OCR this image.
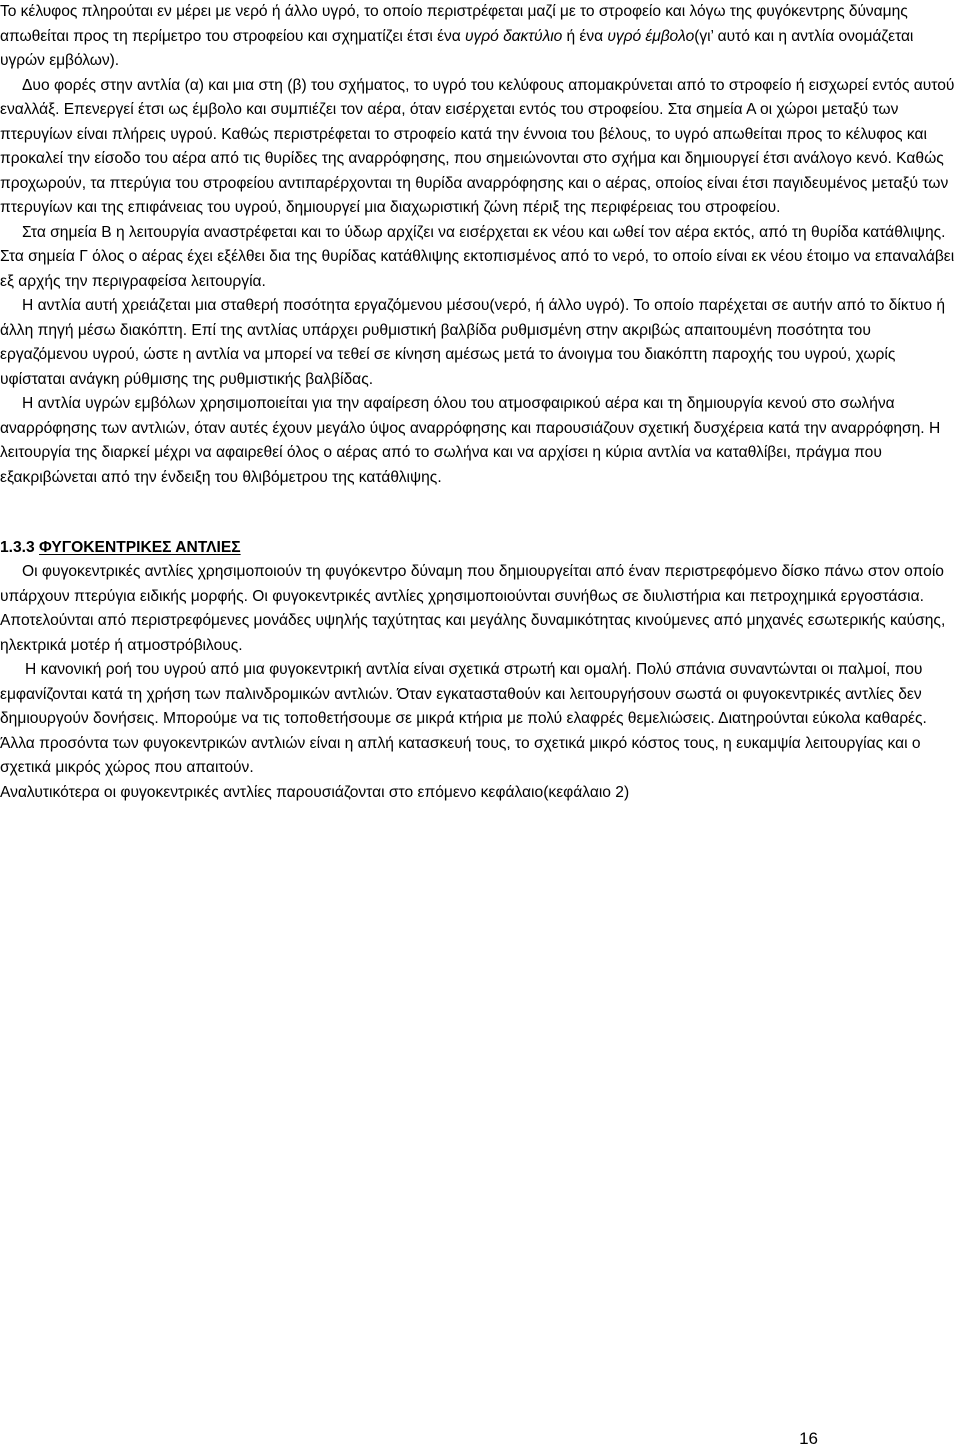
Το κέλυφος πληρούται εν μέρει με νερό ή άλλο υγρό, το οποίο περιστρέφεται μαζί με το στροφείο και λόγω της φυγόκεντρης δύναμης απωθείται προς τη περίμετρο του στροφείου και σχηματίζει έτσι ένα υγρό δακτύλιο ή ένα υγρό έμβολο(γι’ αυτό και η αντλία ονομάζεται υγρών εμβόλων).

Δυο φορές στην αντλία (α) και μια στη (β) του σχήματος, το υγρό του κελύφους απομακρύνεται από το στροφείο ή εισχωρεί εντός αυτού εναλλάξ. Επενεργεί έτσι ως έμβολο και συμπιέζει τον αέρα, όταν εισέρχεται εντός του στροφείου. Στα σημεία Α οι χώροι μεταξύ των πτερυγίων είναι πλήρεις υγρού. Καθώς περιστρέφεται το στροφείο κατά την έννοια του βέλους, το υγρό απωθείται προς το κέλυφος και προκαλεί την είσοδο του αέρα από τις θυρίδες της αναρρόφησης, που σημειώνονται στο σχήμα και δημιουργεί έτσι ανάλογο κενό. Καθώς προχωρούν, τα πτερύγια του στροφείου αντιπαρέρχονται τη θυρίδα αναρρόφησης και ο αέρας, οποίος είναι έτσι παγιδευμένος μεταξύ των πτερυγίων και της επιφάνειας του υγρού, δημιουργεί μια διαχωριστική ζώνη πέριξ της περιφέρειας του στροφείου.

Στα σημεία Β η λειτουργία αναστρέφεται και το ύδωρ αρχίζει να εισέρχεται εκ νέου και ωθεί τον αέρα εκτός, από τη θυρίδα κατάθλιψης. Στα σημεία Γ όλος ο αέρας έχει εξέλθει δια της θυρίδας κατάθλιψης εκτοπισμένος από το νερό, το οποίο είναι εκ νέου έτοιμο να επαναλάβει εξ αρχής την περιγραφείσα λειτουργία.

Η αντλία αυτή χρειάζεται μια σταθερή ποσότητα εργαζόμενου μέσου(νερό, ή άλλο υγρό). Το οποίο παρέχεται σε αυτήν από το δίκτυο ή άλλη πηγή μέσω διακόπτη. Επί της αντλίας υπάρχει ρυθμιστική βαλβίδα ρυθμισμένη στην ακριβώς απαιτουμένη ποσότητα του εργαζόμενου υγρού, ώστε η αντλία να μπορεί να τεθεί σε κίνηση αμέσως μετά το άνοιγμα του διακόπτη παροχής του υγρού, χωρίς υφίσταται ανάγκη ρύθμισης της ρυθμιστικής βαλβίδας.

Η αντλία υγρών εμβόλων χρησιμοποιείται για την αφαίρεση όλου του ατμοσφαιρικού αέρα και τη δημιουργία κενού στο σωλήνα αναρρόφησης των αντλιών, όταν αυτές έχουν μεγάλο ύψος αναρρόφησης και παρουσιάζουν σχετική δυσχέρεια κατά την αναρρόφηση. Η λειτουργία της διαρκεί μέχρι να αφαιρεθεί όλος ο αέρας από το σωλήνα και να αρχίσει η κύρια αντλία να καταθλίβει, πράγμα που εξακριβώνεται από την ένδειξη του θλιβόμετρου της κατάθλιψης.

1.3.3 ΦΥΓΟΚΕΝΤΡΙΚΕΣ ΑΝΤΛΙΕΣ

Οι φυγοκεντρικές αντλίες χρησιμοποιούν τη φυγόκεντρο δύναμη που δημιουργείται από έναν περιστρεφόμενο δίσκο πάνω στον οποίο υπάρχουν πτερύγια ειδικής μορφής. Οι φυγοκεντρικές αντλίες χρησιμοποιούνται συνήθως σε διυλιστήρια και πετροχημικά εργοστάσια. Αποτελούνται από περιστρεφόμενες μονάδες υψηλής ταχύτητας και μεγάλης δυναμικότητας κινούμενες από μηχανές εσωτερικής καύσης, ηλεκτρικά μοτέρ ή ατμοστρόβιλους.

Η κανονική ροή του υγρού από μια φυγοκεντρική αντλία είναι σχετικά στρωτή και ομαλή. Πολύ σπάνια συναντώνται οι παλμοί, που εμφανίζονται κατά τη χρήση των παλινδρομικών αντλιών. Όταν εγκατασταθούν και λειτουργήσουν σωστά οι φυγοκεντρικές αντλίες δεν δημιουργούν δονήσεις. Μπορούμε να τις τοποθετήσουμε σε μικρά κτήρια με πολύ ελαφρές θεμελιώσεις. Διατηρούνται εύκολα καθαρές. Άλλα προσόντα των φυγοκεντρικών αντλιών είναι η απλή κατασκευή τους, το σχετικά μικρό κόστος τους, η ευκαμψία λειτουργίας και ο σχετικά μικρός χώρος που απαιτούν.

Αναλυτικότερα οι φυγοκεντρικές αντλίες παρουσιάζονται στο επόμενο κεφάλαιο(κεφάλαιο 2)

16
